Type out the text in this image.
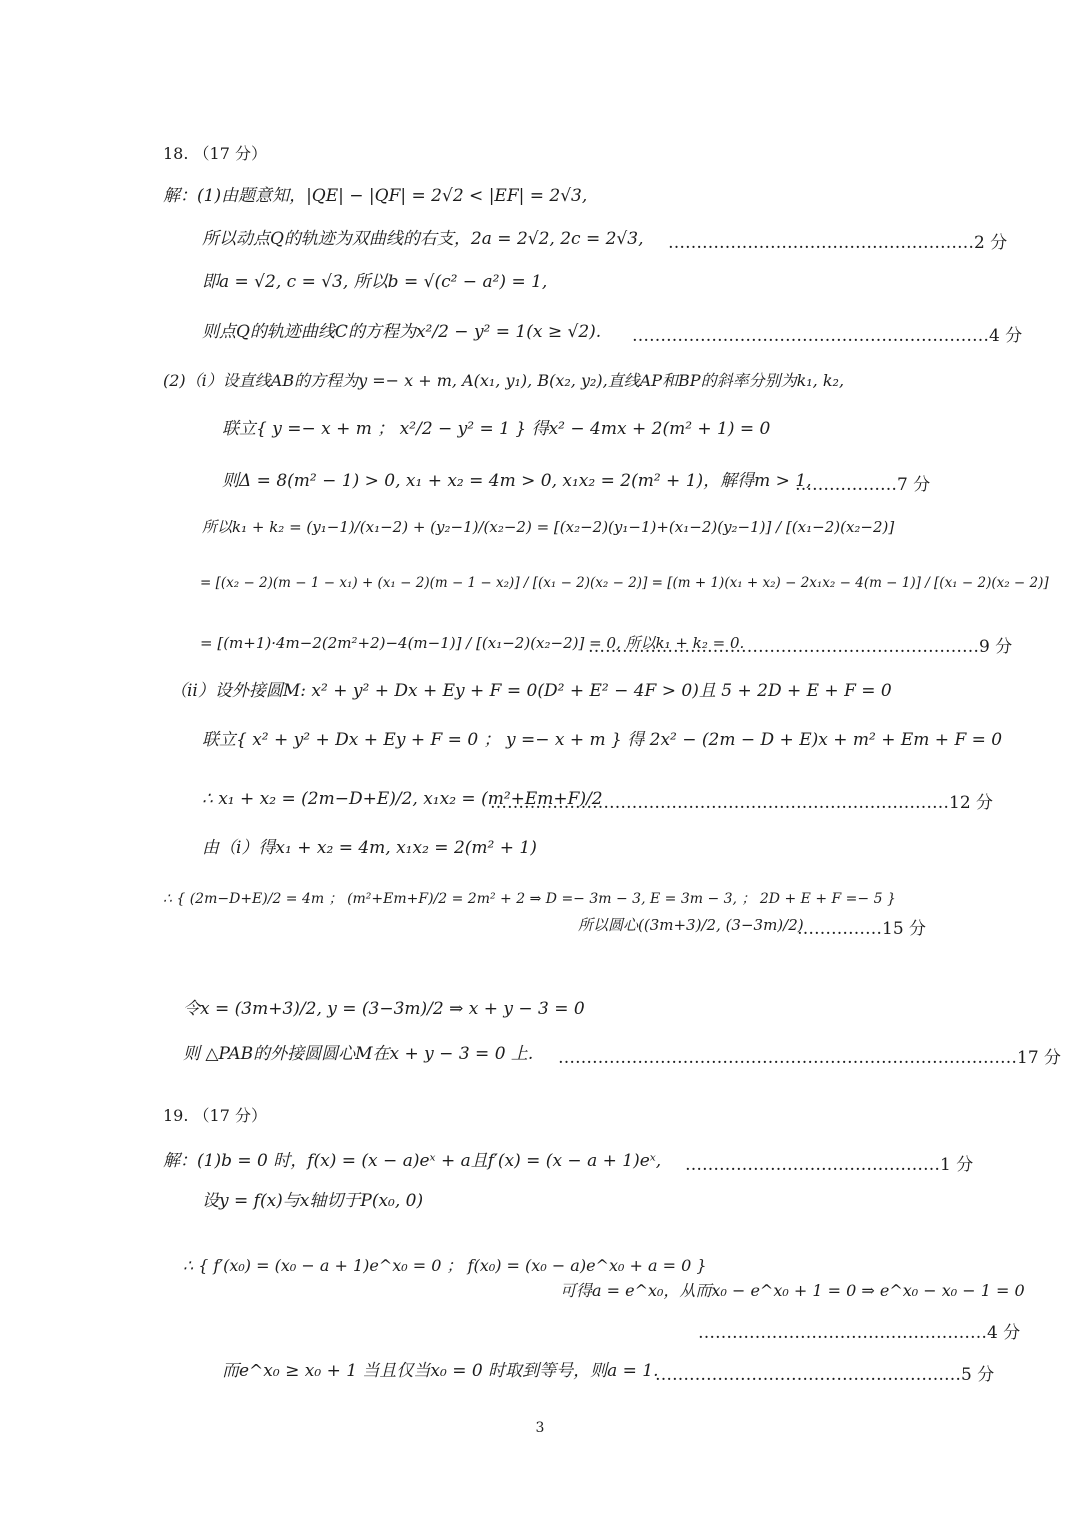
18. （17 分）
解：(1)由题意知，|QE| − |QF| = 2√2 < |EF| = 2√3,
所以动点Q的轨迹为双曲线的右支，2a = 2√2, 2c = 2√3, ………………………………………………2 分
即a = √2, c = √3, 所以b = √(c² − a²) = 1,
则点Q的轨迹曲线C的方程为x²/2 − y² = 1(x ≥ √2). ………………………………………………………4 分
(2)（i）设直线AB的方程为y =− x + m, A(x₁, y₁), B(x₂, y₂),直线AP和BP的斜率分别为k₁, k₂,
联立{ y =− x + m ； x²/2 − y² = 1 } 得x² − 4mx + 2(m² + 1) = 0
则Δ = 8(m² − 1) > 0, x₁ + x₂ = 4m > 0, x₁x₂ = 2(m² + 1)，解得m > 1,
………………7 分
所以k₁ + k₂ = (y₁−1)/(x₁−2) + (y₂−1)/(x₂−2) = [(x₂−2)(y₁−1)+(x₁−2)(y₂−1)] / [(x₁−2)(x₂−2)]
= [(x₂ − 2)(m − 1 − x₁) + (x₁ − 2)(m − 1 − x₂)] / [(x₁ − 2)(x₂ − 2)] = [(m + 1)(x₁ + x₂) − 2x₁x₂ − 4(m − 1)] / [(x₁ − 2)(x₂ − 2)]
= [(m+1)·4m−2(2m²+2)−4(m−1)] / [(x₁−2)(x₂−2)] = 0, 所以k₁ + k₂ = 0.
……………………………………………………………9 分
（ii）设外接圆M: x² + y² + Dx + Ey + F = 0(D² + E² − 4F > 0)且 5 + 2D + E + F = 0
联立{ x² + y² + Dx + Ey + F = 0 ； y =− x + m } 得 2x² − (2m − D + E)x + m² + Em + F = 0
∴ x₁ + x₂ = (2m−D+E)/2, x₁x₂ = (m²+Em+F)/2
………………………………………………………………………12 分
由（i）得x₁ + x₂ = 4m, x₁x₂ = 2(m² + 1)
∴ { (2m−D+E)/2 = 4m ； (m²+Em+F)/2 = 2m² + 2 ⇒ D =− 3m − 3, E = 3m − 3, ； 2D + E + F =− 5 }
所以圆心((3m+3)/2, (3−3m)/2)
……………15 分
令x = (3m+3)/2, y = (3−3m)/2 ⇒ x + y − 3 = 0
则 △PAB的外接圆圆心M在x + y − 3 = 0 上. ………………………………………………………………………17 分
19. （17 分）
解：(1)b = 0 时，f(x) = (x − a)eˣ + a且f′(x) = (x − a + 1)eˣ, ………………………………………1 分
设y = f(x)与x轴切于P(x₀, 0)
∴ { f′(x₀) = (x₀ − a + 1)e^x₀ = 0 ； f(x₀) = (x₀ − a)e^x₀ + a = 0 }
可得a = e^x₀，从而x₀ − e^x₀ + 1 = 0 ⇒ e^x₀ − x₀ − 1 = 0
……………………………………………4 分
而e^x₀ ≥ x₀ + 1 当且仅当x₀ = 0 时取到等号，则a = 1.
………………………………………………5 分
3
